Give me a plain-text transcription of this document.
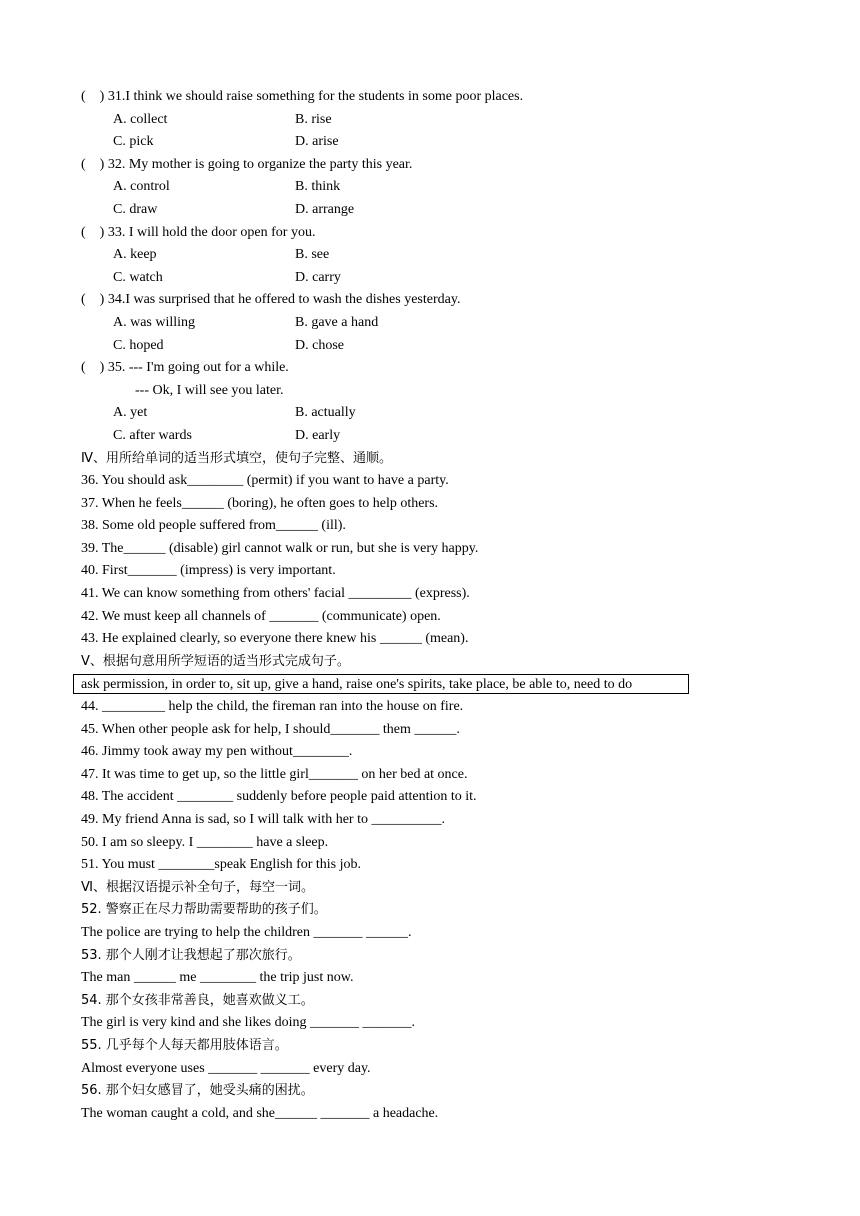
(    ) 31.I think we should raise something for the students in some poor places.
A. collect	B. rise
C. pick	D. arise
(    ) 32. My mother is going to organize the party this year.
A. control	B. think
C. draw	D. arrange
(    ) 33. I will hold the door open for you.
A. keep	B. see
C. watch	D. carry
(    ) 34.I was surprised that he offered to wash the dishes yesterday.
A. was willing	B. gave a hand
C. hoped	D. chose
(    ) 35. --- I'm going out for a while.
--- Ok, I will see you later.
A. yet	B. actually
C. after wards	D. early
Ⅳ、用所给单词的适当形式填空，使句子完整、通顺。
36. You should ask________ (permit) if you want to have a party.
37. When he feels______ (boring), he often goes to help others.
38. Some old people suffered from______ (ill).
39. The______ (disable) girl cannot walk or run, but she is very happy.
40. First_______ (impress) is very important.
41. We can know something from others' facial _________ (express).
42. We must keep all channels of _______ (communicate) open.
43. He explained clearly, so everyone there knew his ______ (mean).
Ⅴ、根据句意用所学短语的适当形式完成句子。
ask permission, in order to, sit up, give a hand, raise one's spirits, take place, be able to, need to do
44. _________ help the child, the fireman ran into the house on fire.
45. When other people ask for help, I should_______ them ______.
46. Jimmy took away my pen without________.
47. It was time to get up, so the little girl_______ on her bed at once.
48. The accident ________ suddenly before people paid attention to it.
49. My friend Anna is sad, so I will talk with her to __________.
50. I am so sleepy. I ________ have a sleep.
51. You must ________speak English for this job.
Ⅵ、根据汉语提示补全句子，每空一词。
52. 警察正在尽力帮助需要帮助的孩子们。
The police are trying to help the children _______ ______.
53. 那个人刚才让我想起了那次旅行。
The man ______ me ________ the trip just now.
54. 那个女孩非常善良，她喜欢做义工。
The girl is very kind and she likes doing _______ _______.
55. 几乎每个人每天都用肢体语言。
Almost everyone uses _______ _______ every day.
56. 那个妇女感冒了，她受头痛的困扰。
The woman caught a cold, and she______ _______ a headache.
